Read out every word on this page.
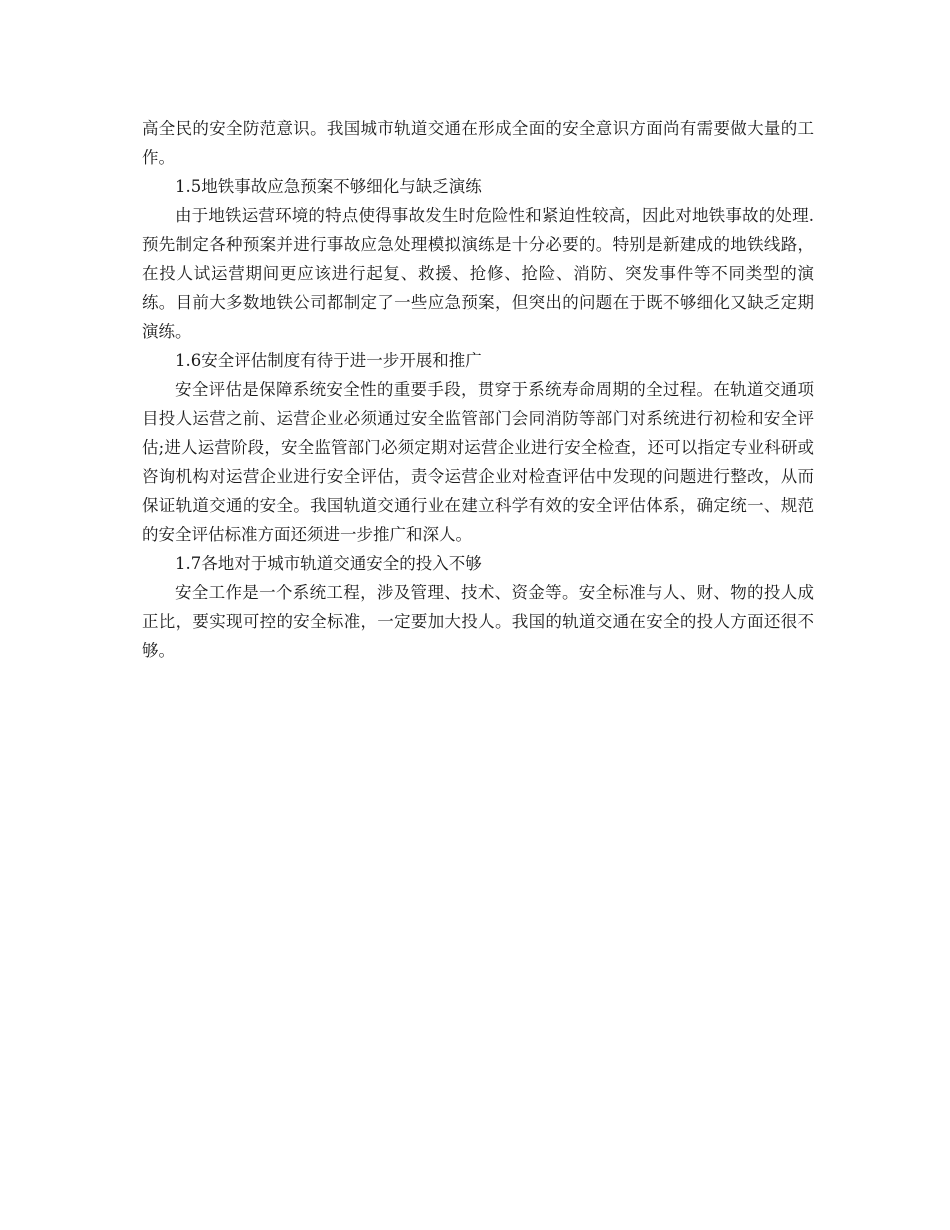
高全民的安全防范意识。我国城市轨道交通在形成全面的安全意识方面尚有需要做大量的工作。

1.5地铁事故应急预案不够细化与缺乏演练

由于地铁运营环境的特点使得事故发生时危险性和紧迫性较高，因此对地铁事故的处理.预先制定各种预案并进行事故应急处理模拟演练是十分必要的。特别是新建成的地铁线路，在投人试运营期间更应该进行起复、救援、抢修、抢险、消防、突发事件等不同类型的演练。目前大多数地铁公司都制定了一些应急预案，但突出的问题在于既不够细化又缺乏定期演练。

1.6安全评估制度有待于进一步开展和推广

安全评估是保障系统安全性的重要手段，贯穿于系统寿命周期的全过程。在轨道交通项目投人运营之前、运营企业必须通过安全监管部门会同消防等部门对系统进行初检和安全评估;进人运营阶段，安全监管部门必须定期对运营企业进行安全检查，还可以指定专业科研或咨询机构对运营企业进行安全评估，责令运营企业对检查评估中发现的问题进行整改，从而保证轨道交通的安全。我国轨道交通行业在建立科学有效的安全评估体系，确定统一、规范的安全评估标准方面还须进一步推广和深人。

1.7各地对于城市轨道交通安全的投入不够

安全工作是一个系统工程，涉及管理、技术、资金等。安全标准与人、财、物的投人成正比，要实现可控的安全标准，一定要加大投人。我国的轨道交通在安全的投人方面还很不够。
